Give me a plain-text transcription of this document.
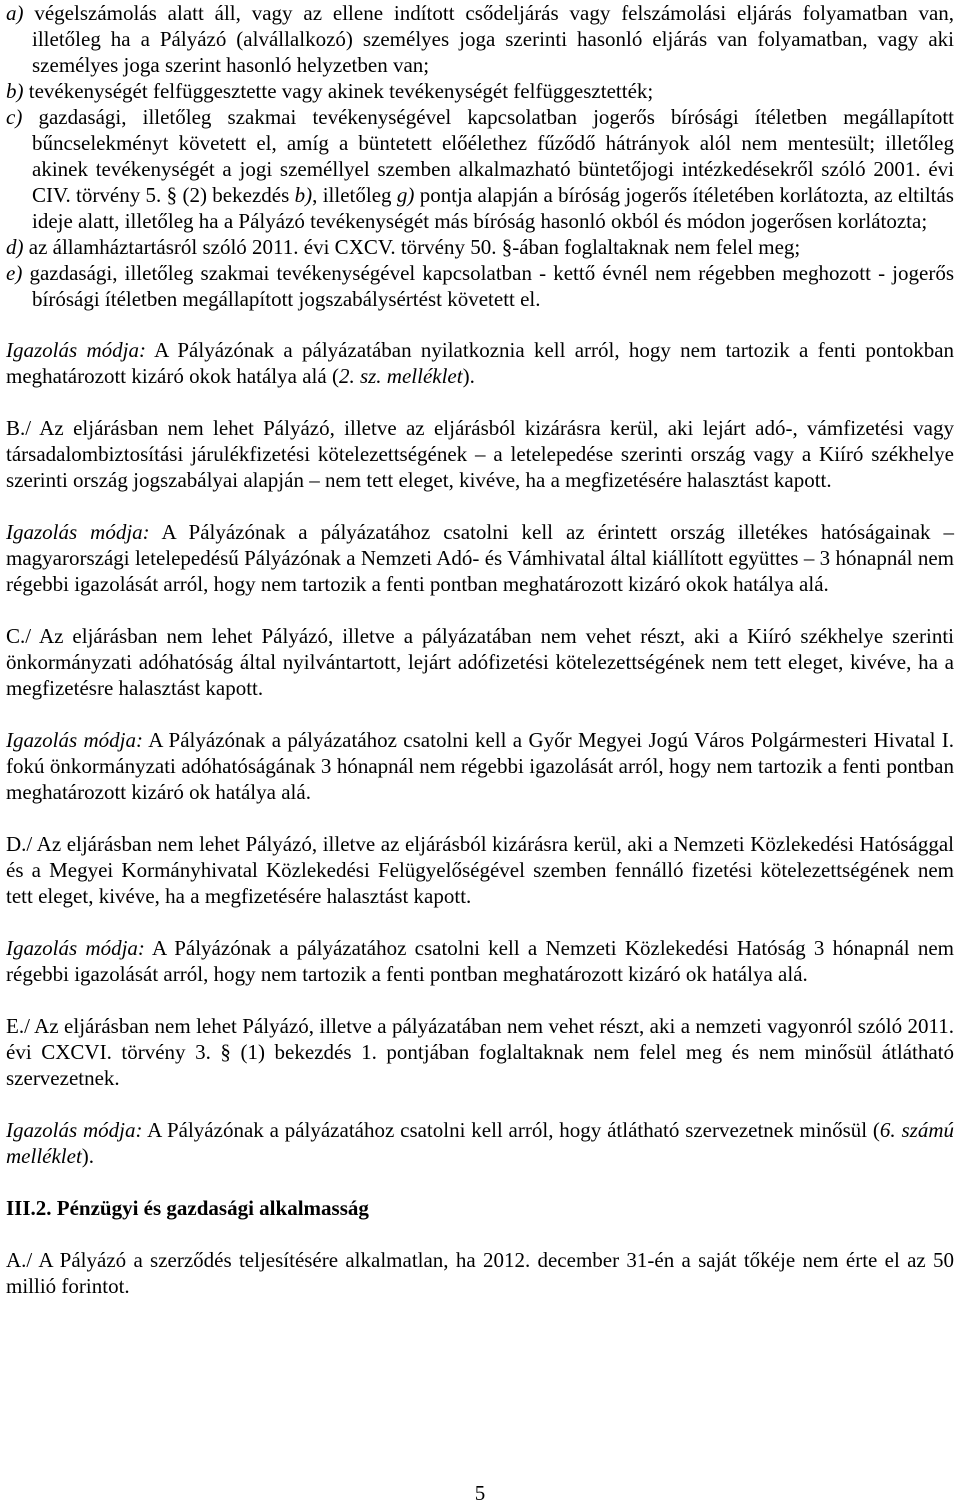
a) végelszámolás alatt áll, vagy az ellene indított csődeljárás vagy felszámolási eljárás folyamatban van, illetőleg ha a Pályázó (alvállalkozó) személyes joga szerinti hasonló eljárás van folyamatban, vagy aki személyes joga szerint hasonló helyzetben van;

b) tevékenységét felfüggesztette vagy akinek tevékenységét felfüggesztették;

c) gazdasági, illetőleg szakmai tevékenységével kapcsolatban jogerős bírósági ítéletben megállapított bűncselekményt követett el, amíg a büntetett előélethez fűződő hátrányok alól nem mentesült; illetőleg akinek tevékenységét a jogi személlyel szemben alkalmazható büntetőjogi intézkedésekről szóló 2001. évi CIV. törvény 5. § (2) bekezdés b), illetőleg g) pontja alapján a bíróság jogerős ítéletében korlátozta, az eltiltás ideje alatt, illetőleg ha a Pályázó tevékenységét más bíróság hasonló okból és módon jogerősen korlátozta;

d) az államháztartásról szóló 2011. évi CXCV. törvény 50. §-ában foglaltaknak nem felel meg;

e) gazdasági, illetőleg szakmai tevékenységével kapcsolatban - kettő évnél nem régebben meghozott - jogerős bírósági ítéletben megállapított jogszabálysértést követett el.

Igazolás módja: A Pályázónak a pályázatában nyilatkoznia kell arról, hogy nem tartozik a fenti pontokban meghatározott kizáró okok hatálya alá (2. sz. melléklet).

B./ Az eljárásban nem lehet Pályázó, illetve az eljárásból kizárásra kerül, aki lejárt adó-, vámfizetési vagy társadalombiztosítási járulékfizetési kötelezettségének – a letelepedése szerinti ország vagy a Kiíró székhelye szerinti ország jogszabályai alapján – nem tett eleget, kivéve, ha a megfizetésére halasztást kapott.

Igazolás módja: A Pályázónak a pályázatához csatolni kell az érintett ország illetékes hatóságainak – magyarországi letelepedésű Pályázónak a Nemzeti Adó- és Vámhivatal által kiállított együttes – 3 hónapnál nem régebbi igazolását arról, hogy nem tartozik a fenti pontban meghatározott kizáró okok hatálya alá.

C./ Az eljárásban nem lehet Pályázó, illetve a pályázatában nem vehet részt, aki a Kiíró székhelye szerinti önkormányzati adóhatóság által nyilvántartott, lejárt adófizetési kötelezettségének nem tett eleget, kivéve, ha a megfizetésre halasztást kapott.

Igazolás módja: A Pályázónak a pályázatához csatolni kell a Győr Megyei Jogú Város Polgármesteri Hivatal I. fokú önkormányzati adóhatóságának 3 hónapnál nem régebbi igazolását arról, hogy nem tartozik a fenti pontban meghatározott kizáró ok hatálya alá.

D./ Az eljárásban nem lehet Pályázó, illetve az eljárásból kizárásra kerül, aki a Nemzeti Közlekedési Hatósággal és a Megyei Kormányhivatal Közlekedési Felügyelőségével szemben fennálló fizetési kötelezettségének nem tett eleget, kivéve, ha a megfizetésére halasztást kapott.

Igazolás módja: A Pályázónak a pályázatához csatolni kell a Nemzeti Közlekedési Hatóság 3 hónapnál nem régebbi igazolását arról, hogy nem tartozik a fenti pontban meghatározott kizáró ok hatálya alá.

E./ Az eljárásban nem lehet Pályázó, illetve a pályázatában nem vehet részt, aki a nemzeti vagyonról szóló 2011. évi CXCVI. törvény 3. § (1) bekezdés 1. pontjában foglaltaknak nem felel meg és nem minősül átlátható szervezetnek.

Igazolás módja: A Pályázónak a pályázatához csatolni kell arról, hogy átlátható szervezetnek minősül (6. számú melléklet).

III.2. Pénzügyi és gazdasági alkalmasság

A./ A Pályázó a szerződés teljesítésére alkalmatlan, ha 2012. december 31-én a saját tőkéje nem érte el az 50 millió forintot.

5
